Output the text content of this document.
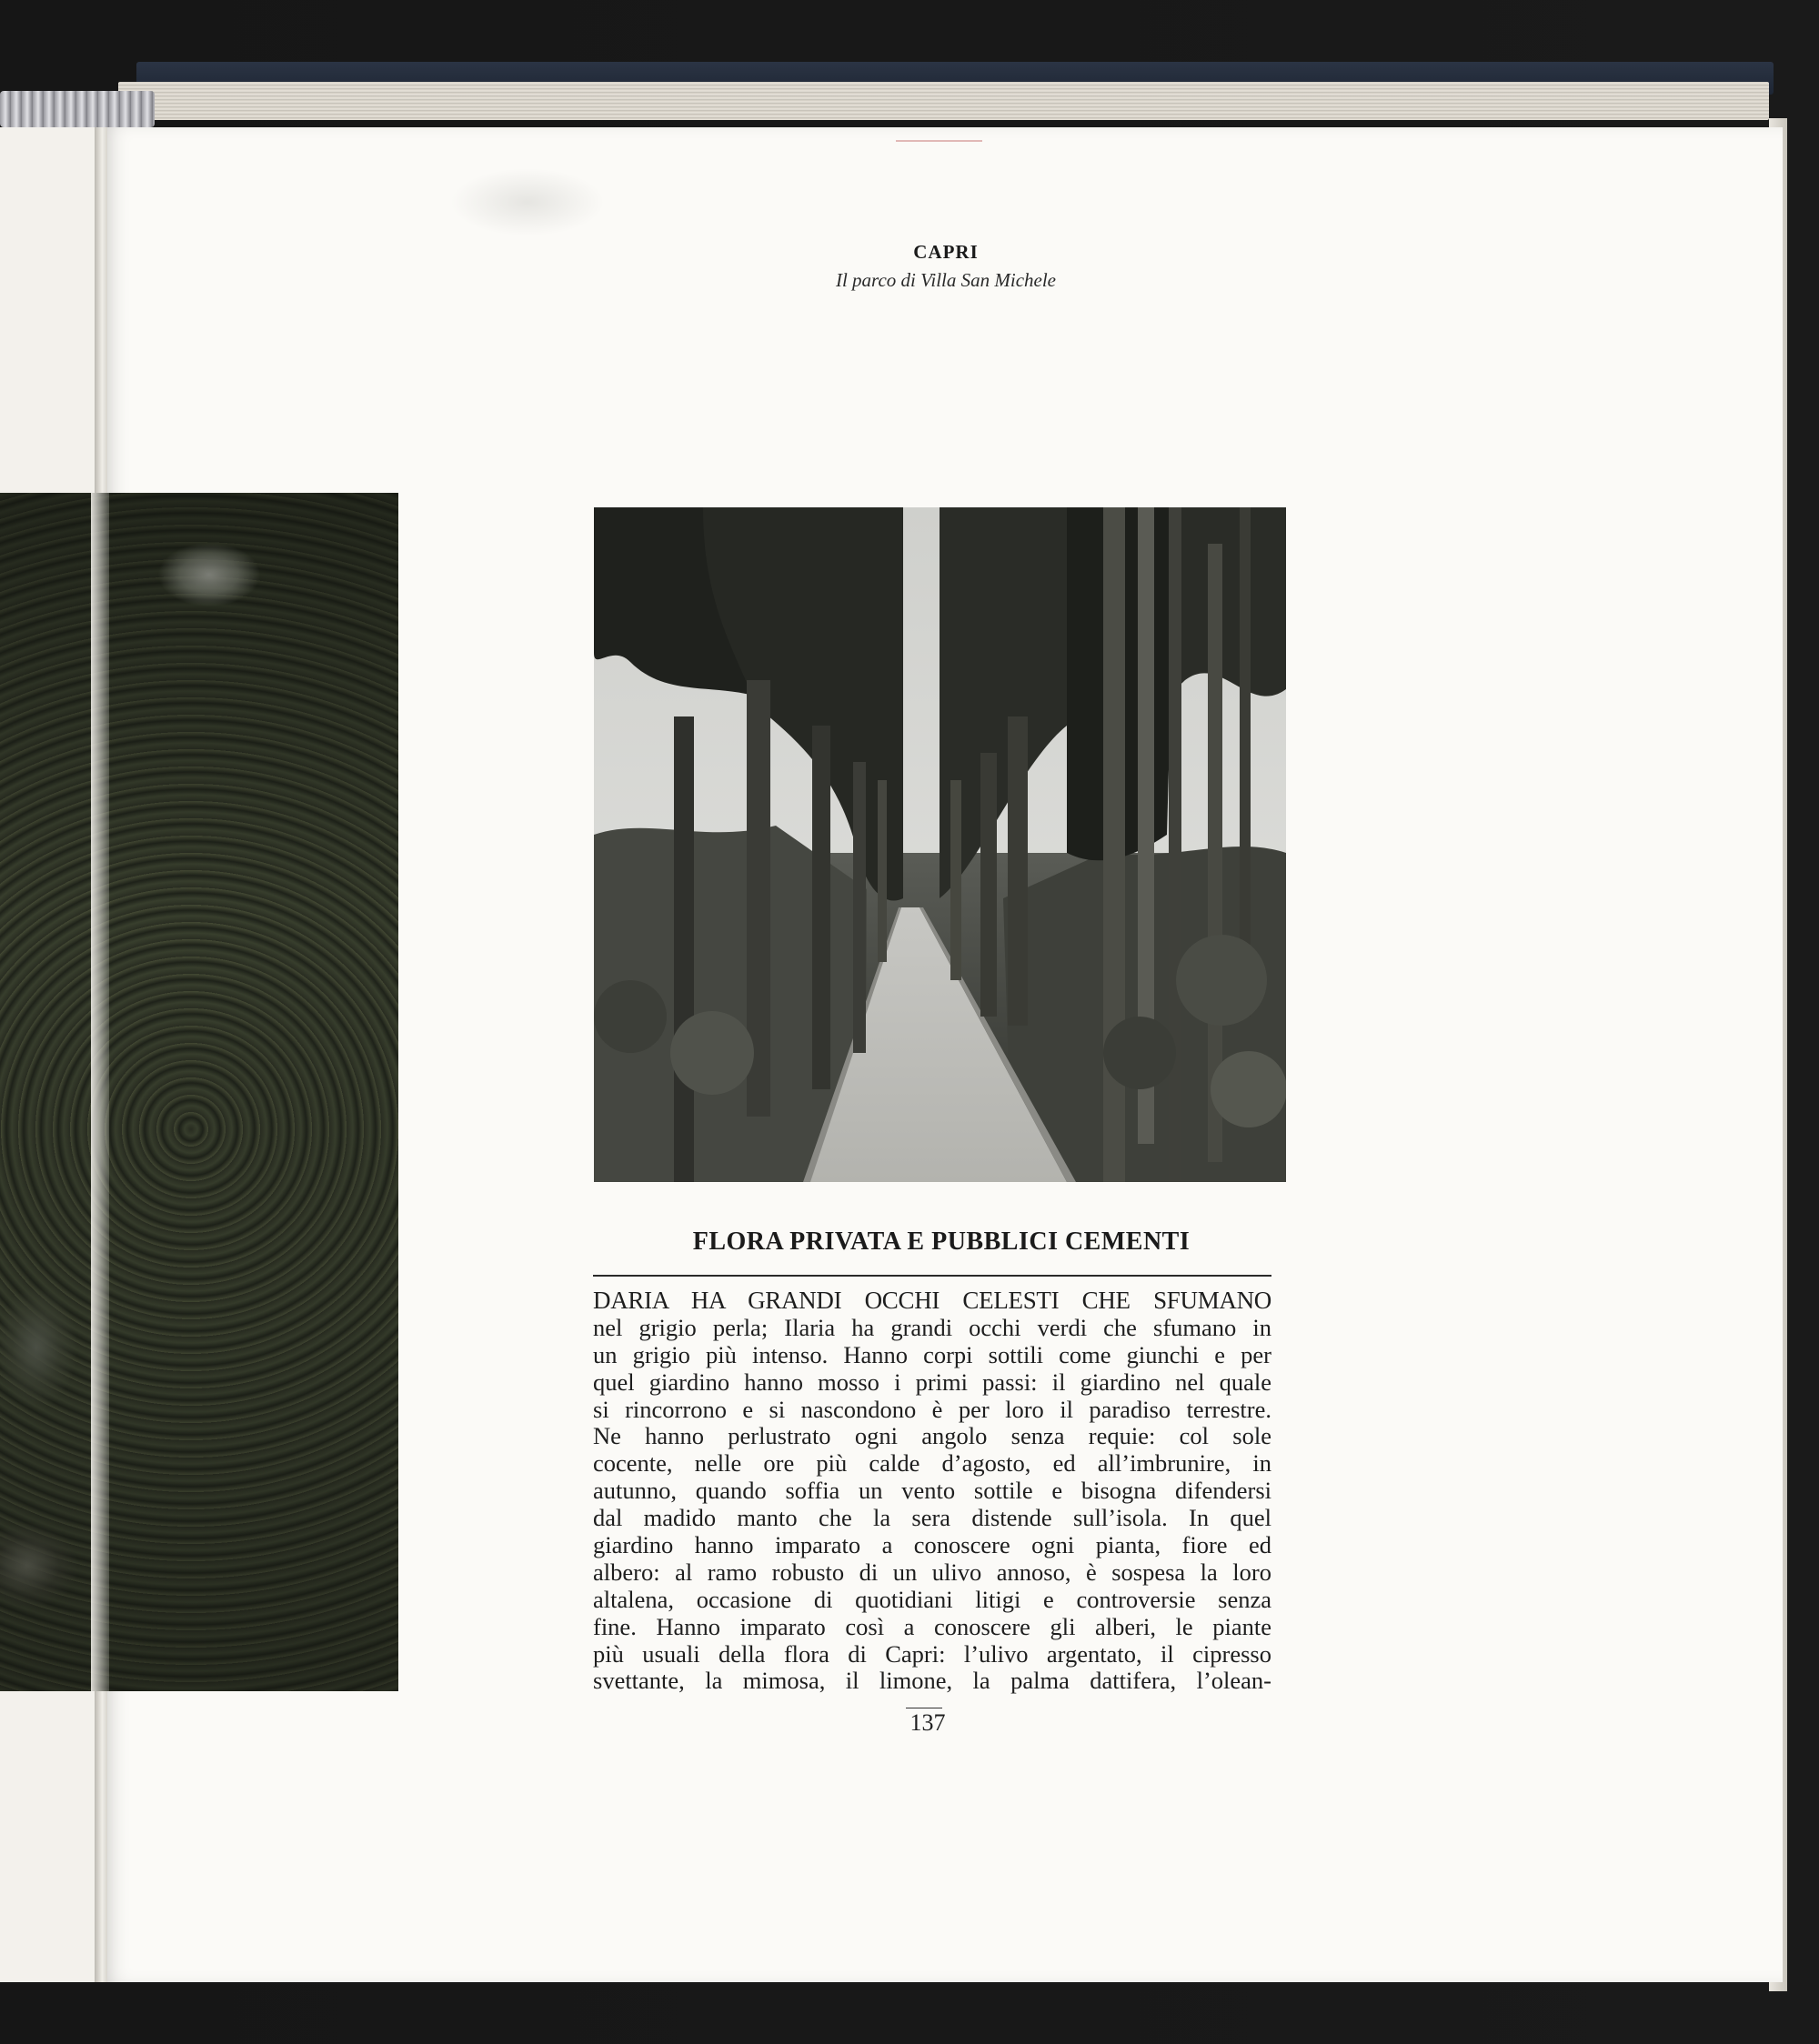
CAPRI
Il parco di Villa San Michele
FLORA PRIVATA E PUBBLICI CEMENTI
DARIA HA GRANDI OCCHI CELESTI CHE SFUMANO
nel grigio perla; Ilaria ha grandi occhi verdi che sfumano in
un grigio più intenso. Hanno corpi sottili come giunchi e per
quel giardino hanno mosso i primi passi: il giardino nel quale
si rincorrono e si nascondono è per loro il paradiso terrestre.
Ne hanno perlustrato ogni angolo senza requie: col sole
cocente, nelle ore più calde d’agosto, ed all’imbrunire, in
autunno, quando soffia un vento sottile e bisogna difendersi
dal madido manto che la sera distende sull’isola. In quel
giardino hanno imparato a conoscere ogni pianta, fiore ed
albero: al ramo robusto di un ulivo annoso, è sospesa la loro
altalena, occasione di quotidiani litigi e controversie senza
fine. Hanno imparato così a conoscere gli alberi, le piante
più usuali della flora di Capri: l’ulivo argentato, il cipresso
svettante, la mimosa, il limone, la palma dattifera, l’olean-
137
